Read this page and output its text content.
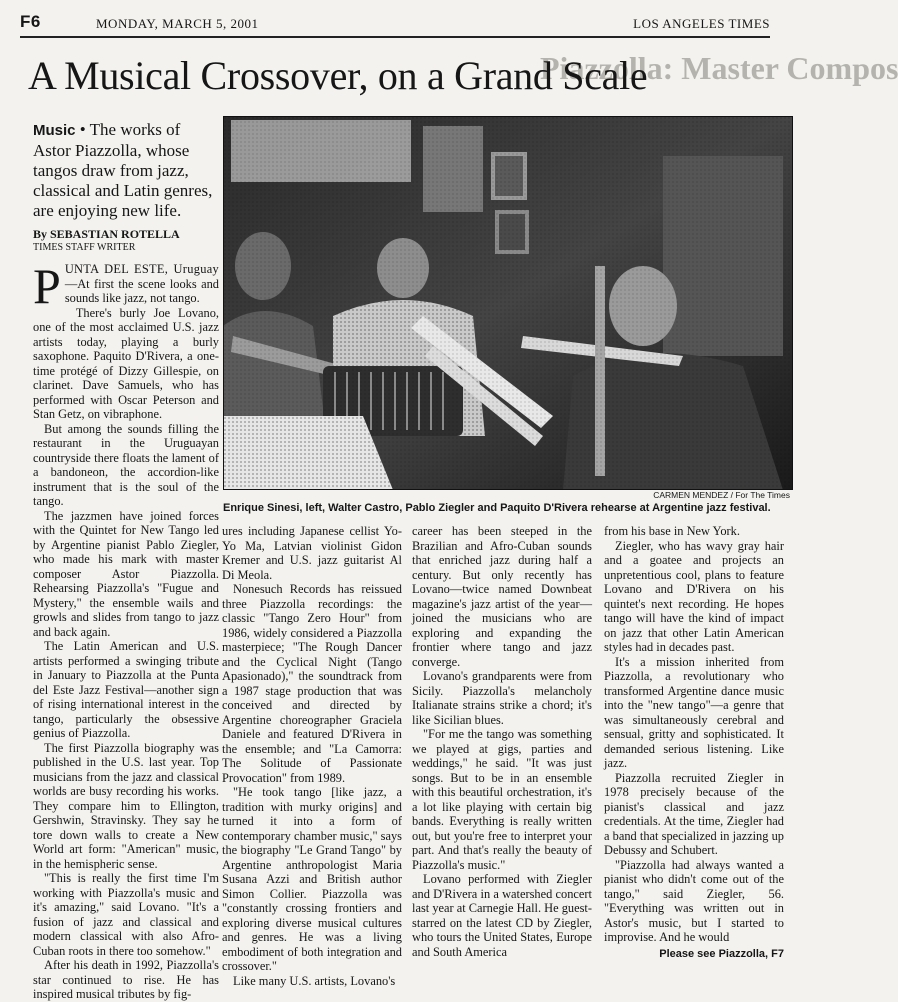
F6	MONDAY, MARCH 5, 2001	LOS ANGELES TIMES
Piazzolla: Master Compos
A Musical Crossover, on a Grand Scale

Music • The works of Astor Piazzolla, whose tangos draw from jazz, classical and Latin genres, are enjoying new life.

By SEBASTIAN ROTELLA
TIMES STAFF WRITER
CARMEN MENDEZ / For The Times
Enrique Sinesi, left, Walter Castro, Pablo Ziegler and Paquito D'Rivera rehearse at Argentine jazz festival.

PUNTA DEL ESTE, Uruguay—At first the scene looks and sounds like jazz, not tango.

There's burly Joe Lovano, one of the most acclaimed U.S. jazz artists today, playing a burly saxophone. Paquito D'Rivera, a one-time protégé of Dizzy Gillespie, on clarinet. Dave Samuels, who has performed with Oscar Peterson and Stan Getz, on vibraphone.

But among the sounds filling the restaurant in the Uruguayan countryside there floats the lament of a bandoneon, the accordion-like instrument that is the soul of the tango.

The jazzmen have joined forces with the Quintet for New Tango led by Argentine pianist Pablo Ziegler, who made his mark with master composer Astor Piazzolla. Rehearsing Piazzolla's "Fugue and Mystery," the ensemble wails and growls and slides from tango to jazz and back again.

The Latin American and U.S. artists performed a swinging tribute in January to Piazzolla at the Punta del Este Jazz Festival—another sign of rising international interest in the tango, particularly the obsessive genius of Piazzolla.

The first Piazzolla biography was published in the U.S. last year. Top musicians from the jazz and classical worlds are busy recording his works. They compare him to Ellington, Gershwin, Stravinsky. They say he tore down walls to create a New World art form: "American" music, in the hemispheric sense.

"This is really the first time I'm working with Piazzolla's music and it's amazing," said Lovano. "It's a fusion of jazz and classical and modern classical with also Afro-Cuban roots in there too somehow."

After his death in 1992, Piazzolla's star continued to rise. He has inspired musical tributes by fig-

ures including Japanese cellist Yo-Yo Ma, Latvian violinist Gidon Kremer and U.S. jazz guitarist Al Di Meola.

Nonesuch Records has reissued three Piazzolla recordings: the classic "Tango Zero Hour" from 1986, widely considered a Piazzolla masterpiece; "The Rough Dancer and the Cyclical Night (Tango Apasionado)," the soundtrack from a 1987 stage production that was conceived and directed by Argentine choreographer Graciela Daniele and featured D'Rivera in the ensemble; and "La Camorra: The Solitude of Passionate Provocation" from 1989.

"He took tango [like jazz, a tradition with murky origins] and turned it into a form of contemporary chamber music," says the biography "Le Grand Tango" by Argentine anthropologist Maria Susana Azzi and British author Simon Collier. Piazzolla was "constantly crossing frontiers and exploring diverse musical cultures and genres. He was a living embodiment of both integration and crossover."

Like many U.S. artists, Lovano's

career has been steeped in the Brazilian and Afro-Cuban sounds that enriched jazz during half a century. But only recently has Lovano—twice named Downbeat magazine's jazz artist of the year—joined the musicians who are exploring and expanding the frontier where tango and jazz converge.

Lovano's grandparents were from Sicily. Piazzolla's melancholy Italianate strains strike a chord; it's like Sicilian blues.

"For me the tango was something we played at gigs, parties and weddings," he said. "It was just songs. But to be in an ensemble with this beautiful orchestration, it's a lot like playing with certain big bands. Everything is really written out, but you're free to interpret your part. And that's really the beauty of Piazzolla's music."

Lovano performed with Ziegler and D'Rivera in a watershed concert last year at Carnegie Hall. He guest-starred on the latest CD by Ziegler, who tours the United States, Europe and South America

from his base in New York.

Ziegler, who has wavy gray hair and a goatee and projects an unpretentious cool, plans to feature Lovano and D'Rivera on his quintet's next recording. He hopes tango will have the kind of impact on jazz that other Latin American styles had in decades past.

It's a mission inherited from Piazzolla, a revolutionary who transformed Argentine dance music into the "new tango"—a genre that was simultaneously cerebral and sensual, gritty and sophisticated. It demanded serious listening. Like jazz.

Piazzolla recruited Ziegler in 1978 precisely because of the pianist's classical and jazz credentials. At the time, Ziegler had a band that specialized in jazzing up Debussy and Schubert.

"Piazzolla had always wanted a pianist who didn't come out of the tango," said Ziegler, 56. "Everything was written out in Astor's music, but I started to improvise. And he would

Please see Piazzolla, F7
